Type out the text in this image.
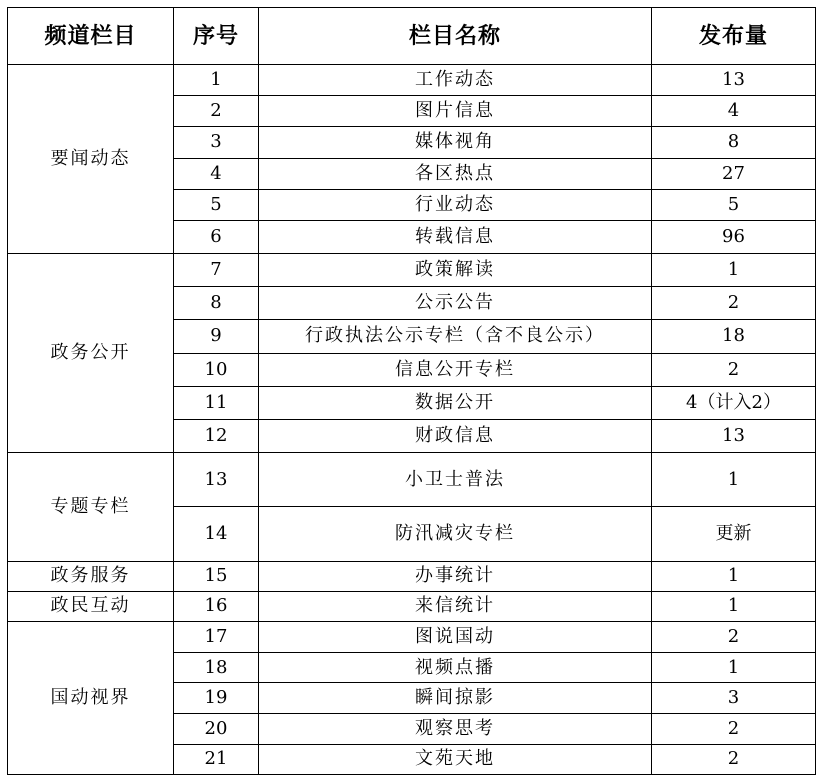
频道栏目	序号	栏目名称	发布量
要闻动态	1	工作动态	13
	2	图片信息	4
	3	媒体视角	8
	4	各区热点	27
	5	行业动态	5
	6	转载信息	96
政务公开	7	政策解读	1
	8	公示公告	2
	9	行政执法公示专栏（含不良公示）	18
	10	信息公开专栏	2
	11	数据公开	4（计入2）
	12	财政信息	13
专题专栏	13	小卫士普法	1
	14	防汛减灾专栏	更新
政务服务	15	办事统计	1
政民互动	16	来信统计	1
国动视界	17	图说国动	2
	18	视频点播	1
	19	瞬间掠影	3
	20	观察思考	2
	21	文苑天地	2
